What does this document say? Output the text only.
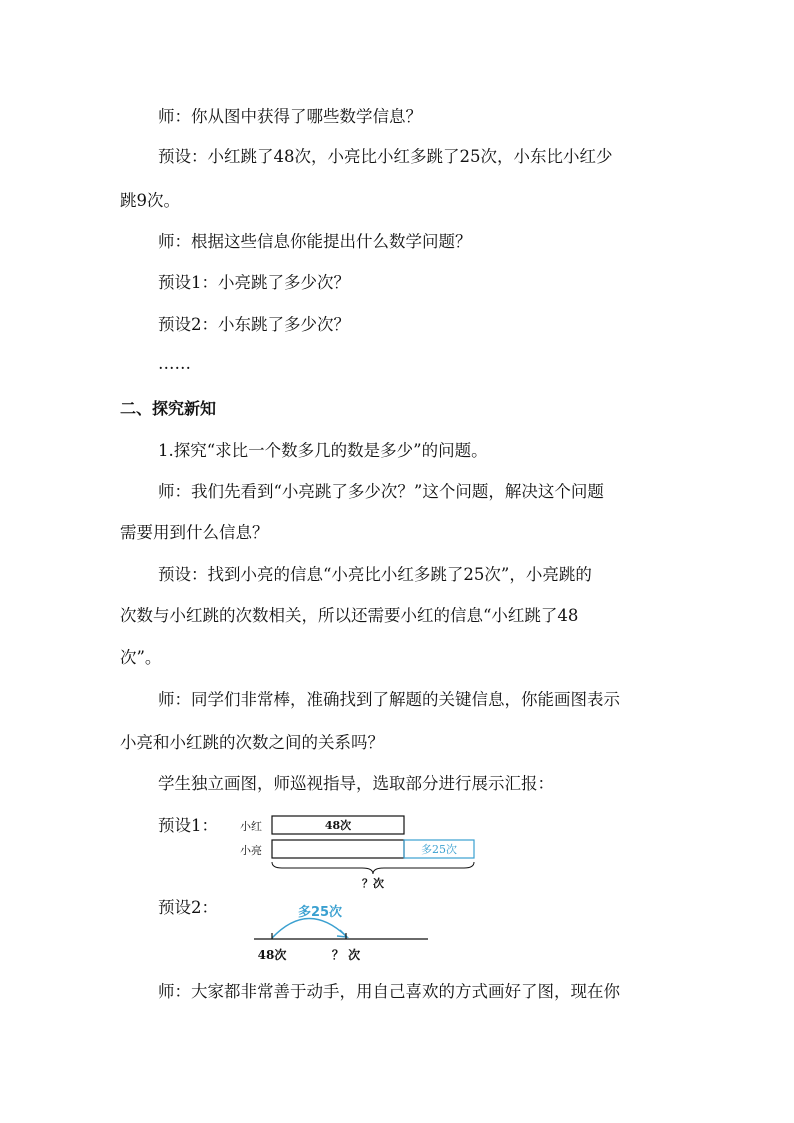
师：你从图中获得了哪些数学信息？
预设：小红跳了48次，小亮比小红多跳了25次，小东比小红少
跳9次。
师：根据这些信息你能提出什么数学问题？
预设1：小亮跳了多少次？
预设2：小东跳了多少次？
……
二、探究新知
1.探究“求比一个数多几的数是多少”的问题。
师：我们先看到“小亮跳了多少次？”这个问题，解决这个问题
需要用到什么信息？
预设：找到小亮的信息“小亮比小红多跳了25次”，小亮跳的
次数与小红跳的次数相关，所以还需要小红的信息“小红跳了48
次”。
师：同学们非常棒，准确找到了解题的关键信息，你能画图表示
小亮和小红跳的次数之间的关系吗？
学生独立画图，师巡视指导，选取部分进行展示汇报：
预设1： 小红
小亮
48次
多25次
？次
预设2：	多25次
48次	？ 次
师：大家都非常善于动手，用自己喜欢的方式画好了图，现在你
